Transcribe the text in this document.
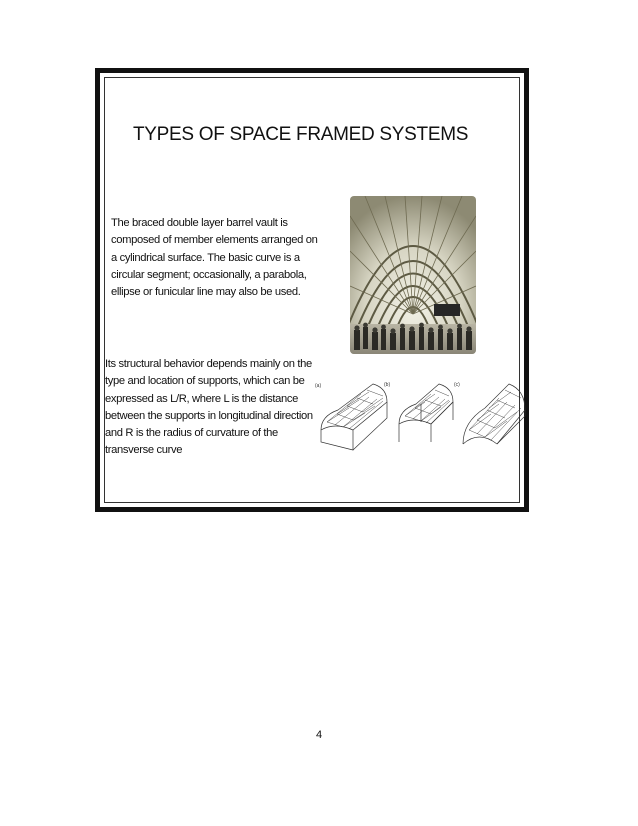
TYPES OF SPACE FRAMED SYSTEMS
The braced double layer barrel vault is
composed of member elements arranged on
a cylindrical surface. The basic curve is a
circular segment; occasionally, a parabola,
ellipse or funicular line may also be used.
Its structural behavior depends mainly on the
type and location of supports, which can be
expressed as L/R, where L is the distance
between the supports in longitudinal direction
and R is the radius of curvature of the
transverse curve
(a)	(b)	(c)
4
